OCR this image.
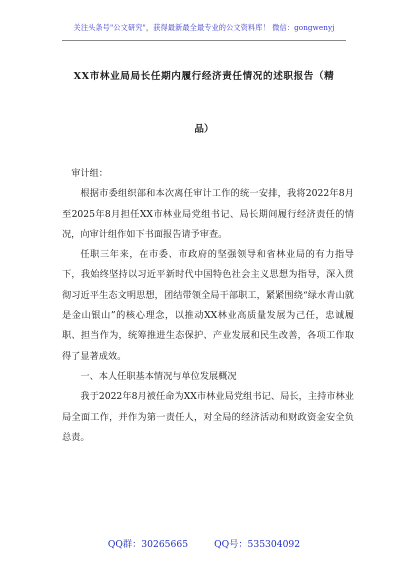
关注头条号"公文研究"，获得最新最全最专业的公文资料库！ 微信：gongwenyj
XX市林业局局长任期内履行经济责任情况的述职报告（精
品）

审计组：

根据市委组织部和本次离任审计工作的统一安排，我将2022年8月至2025年8月担任XX市林业局党组书记、局长期间履行经济责任的情况，向审计组作如下书面报告请予审查。

任职三年来，在市委、市政府的坚强领导和省林业局的有力指导下，我始终坚持以习近平新时代中国特色社会主义思想为指导，深入贯彻习近平生态文明思想，团结带领全局干部职工，紧紧围绕“绿水青山就是金山银山”的核心理念，以推动XX林业高质量发展为己任，忠诚履职、担当作为，统筹推进生态保护、产业发展和民生改善，各项工作取得了显著成效。

一、本人任职基本情况与单位发展概况

我于2022年8月被任命为XX市林业局党组书记、局长，主持市林业局全面工作，并作为第一责任人，对全局的经济活动和财政资金安全负总责。

QQ群：30265665	QQ号：535304092
